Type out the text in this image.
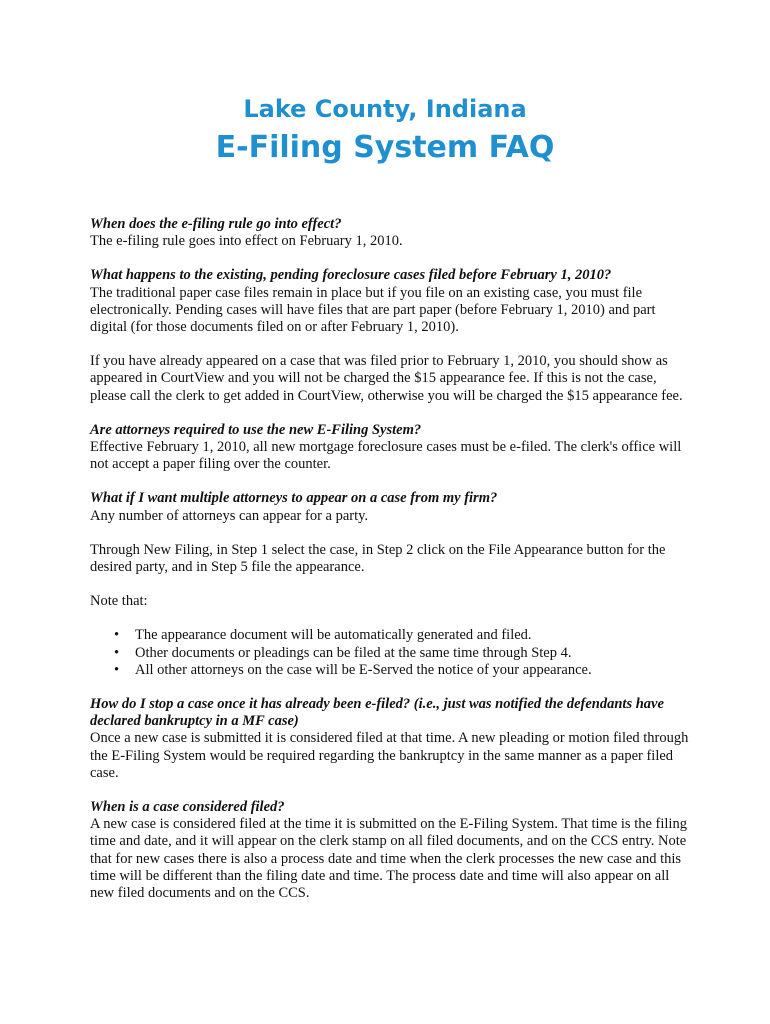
Lake County, Indiana
E-Filing System FAQ

When does the e-filing rule go into effect?

The e-filing rule goes into effect on February 1, 2010.

What happens to the existing, pending foreclosure cases filed before February 1, 2010?

The traditional paper case files remain in place but if you file on an existing case, you must file electronically. Pending cases will have files that are part paper (before February 1, 2010) and part digital (for those documents filed on or after February 1, 2010).

If you have already appeared on a case that was filed prior to February 1, 2010, you should show as appeared in CourtView and you will not be charged the $15 appearance fee. If this is not the case, please call the clerk to get added in CourtView, otherwise you will be charged the $15 appearance fee.

Are attorneys required to use the new E-Filing System?

Effective February 1, 2010, all new mortgage foreclosure cases must be e-filed. The clerk's office will not accept a paper filing over the counter.

What if I want multiple attorneys to appear on a case from my firm?

Any number of attorneys can appear for a party.

Through New Filing, in Step 1 select the case, in Step 2 click on the File Appearance button for the desired party, and in Step 5 file the appearance.

Note that:

• The appearance document will be automatically generated and filed.
• Other documents or pleadings can be filed at the same time through Step 4.
• All other attorneys on the case will be E-Served the notice of your appearance.

How do I stop a case once it has already been e-filed? (i.e., just was notified the defendants have declared bankruptcy in a MF case)

Once a new case is submitted it is considered filed at that time. A new pleading or motion filed through the E-Filing System would be required regarding the bankruptcy in the same manner as a paper filed case.

When is a case considered filed?

A new case is considered filed at the time it is submitted on the E-Filing System. That time is the filing time and date, and it will appear on the clerk stamp on all filed documents, and on the CCS entry. Note that for new cases there is also a process date and time when the clerk processes the new case and this time will be different than the filing date and time. The process date and time will also appear on all new filed documents and on the CCS.
